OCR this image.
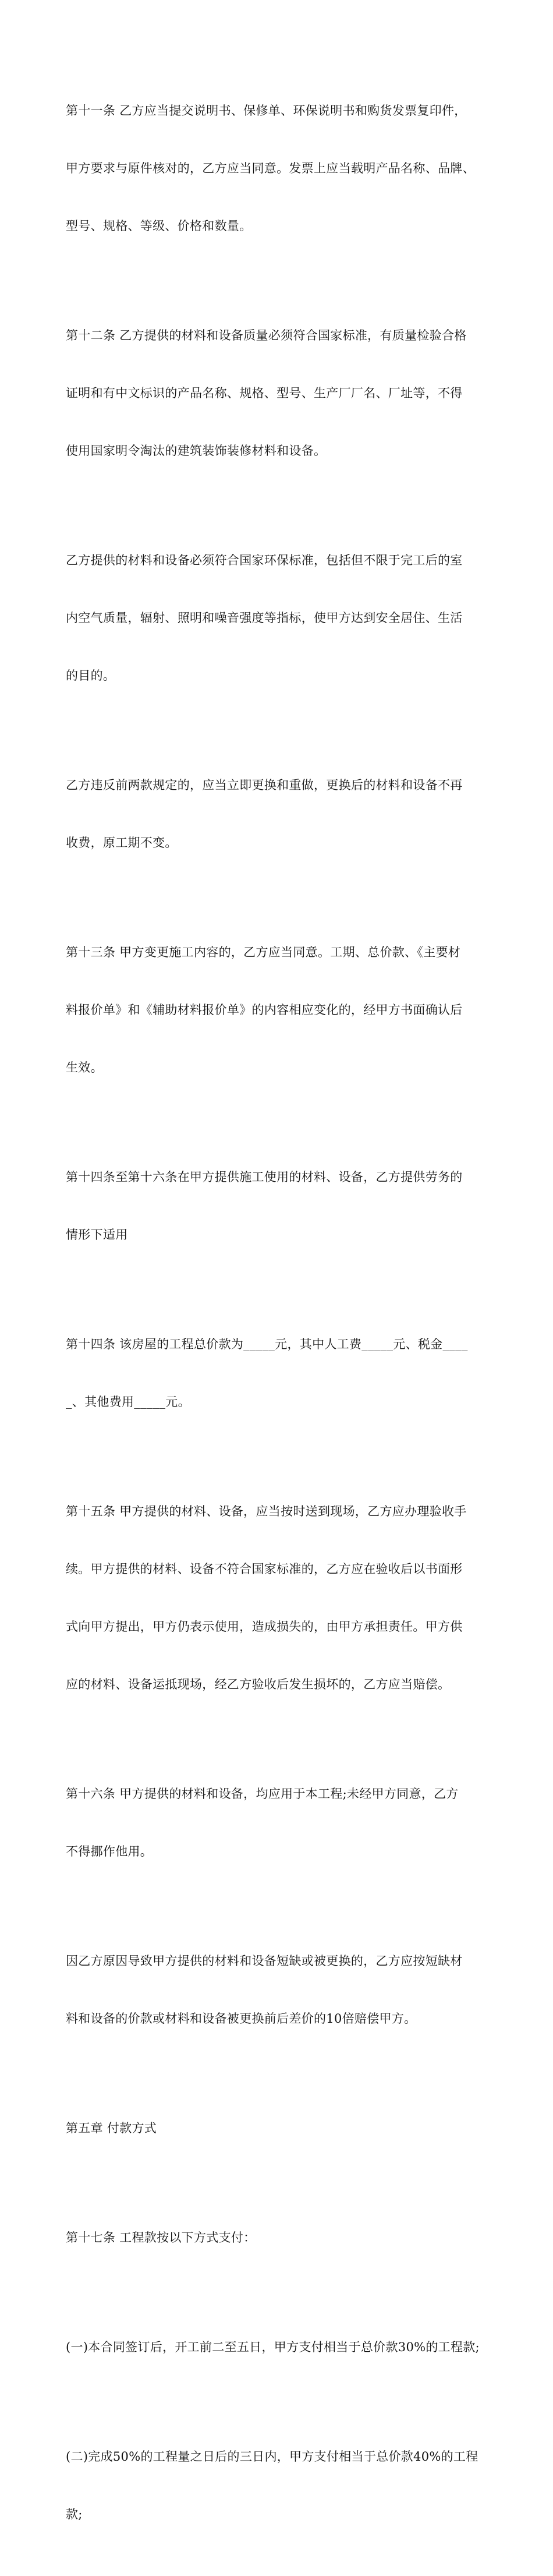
第十一条 乙方应当提交说明书、保修单、环保说明书和购货发票复印件，

甲方要求与原件核对的，乙方应当同意。发票上应当载明产品名称、品牌、

型号、规格、等级、价格和数量。

第十二条 乙方提供的材料和设备质量必须符合国家标准，有质量检验合格

证明和有中文标识的产品名称、规格、型号、生产厂厂名、厂址等，不得

使用国家明令淘汰的建筑装饰装修材料和设备。

乙方提供的材料和设备必须符合国家环保标准，包括但不限于完工后的室

内空气质量，辐射、照明和噪音强度等指标，使甲方达到安全居住、生活

的目的。

乙方违反前两款规定的，应当立即更换和重做，更换后的材料和设备不再

收费，原工期不变。

第十三条 甲方变更施工内容的，乙方应当同意。工期、总价款、《主要材

料报价单》和《辅助材料报价单》的内容相应变化的，经甲方书面确认后

生效。

第十四条至第十六条在甲方提供施工使用的材料、设备，乙方提供劳务的

情形下适用

第十四条 该房屋的工程总价款为_____元，其中人工费_____元、税金____

_、其他费用_____元。

第十五条 甲方提供的材料、设备，应当按时送到现场，乙方应办理验收手

续。甲方提供的材料、设备不符合国家标准的，乙方应在验收后以书面形

式向甲方提出，甲方仍表示使用，造成损失的，由甲方承担责任。甲方供

应的材料、设备运抵现场，经乙方验收后发生损坏的，乙方应当赔偿。

第十六条 甲方提供的材料和设备，均应用于本工程;未经甲方同意，乙方

不得挪作他用。

因乙方原因导致甲方提供的材料和设备短缺或被更换的，乙方应按短缺材

料和设备的价款或材料和设备被更换前后差价的10倍赔偿甲方。

第五章 付款方式

第十七条 工程款按以下方式支付：

(一)本合同签订后，开工前二至五日，甲方支付相当于总价款30%的工程款;

(二)完成50%的工程量之日后的三日内，甲方支付相当于总价款40%的工程

款;
